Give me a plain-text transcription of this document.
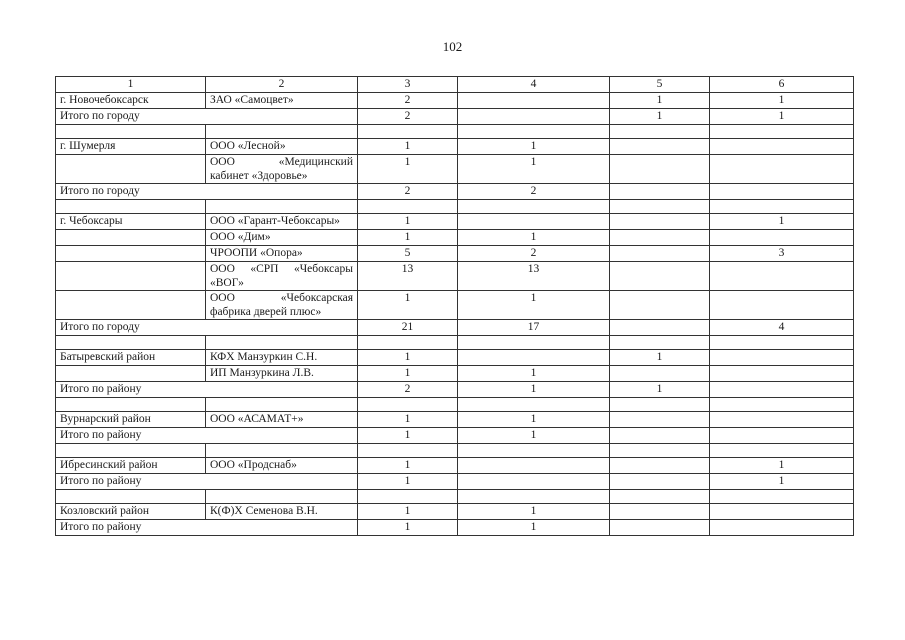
102
1	2	3	4	5	6
г. Новочебоксарск	ЗАО «Самоцвет»	2		1	1
Итого по городу		2		1	1

г. Шумерля	ООО «Лесной»	1	1		
	ООО «Медицинский кабинет «Здоровье»	1	1		
Итого по городу		2	2		

г. Чебоксары	ООО «Гарант-Чебоксары»	1			1
	ООО «Дим»	1	1		
	ЧРООПИ «Опора»	5	2		3
	ООО «СРП «Чебоксары «ВОГ»	13	13		
	ООО «Чебоксарская фабрика дверей плюс»	1	1		
Итого по городу		21	17		4

Батыревский район	КФХ Манзуркин С.Н.	1		1	
	ИП Манзуркина Л.В.	1	1		
Итого по району		2	1	1	

Вурнарский район	ООО «АСАМАТ+»	1	1		
Итого по району		1	1		

Ибресинский район	ООО «Продснаб»	1			1
Итого по району		1			1

Козловский район	К(Ф)Х Семенова В.Н.	1	1		
Итого по району		1	1		
